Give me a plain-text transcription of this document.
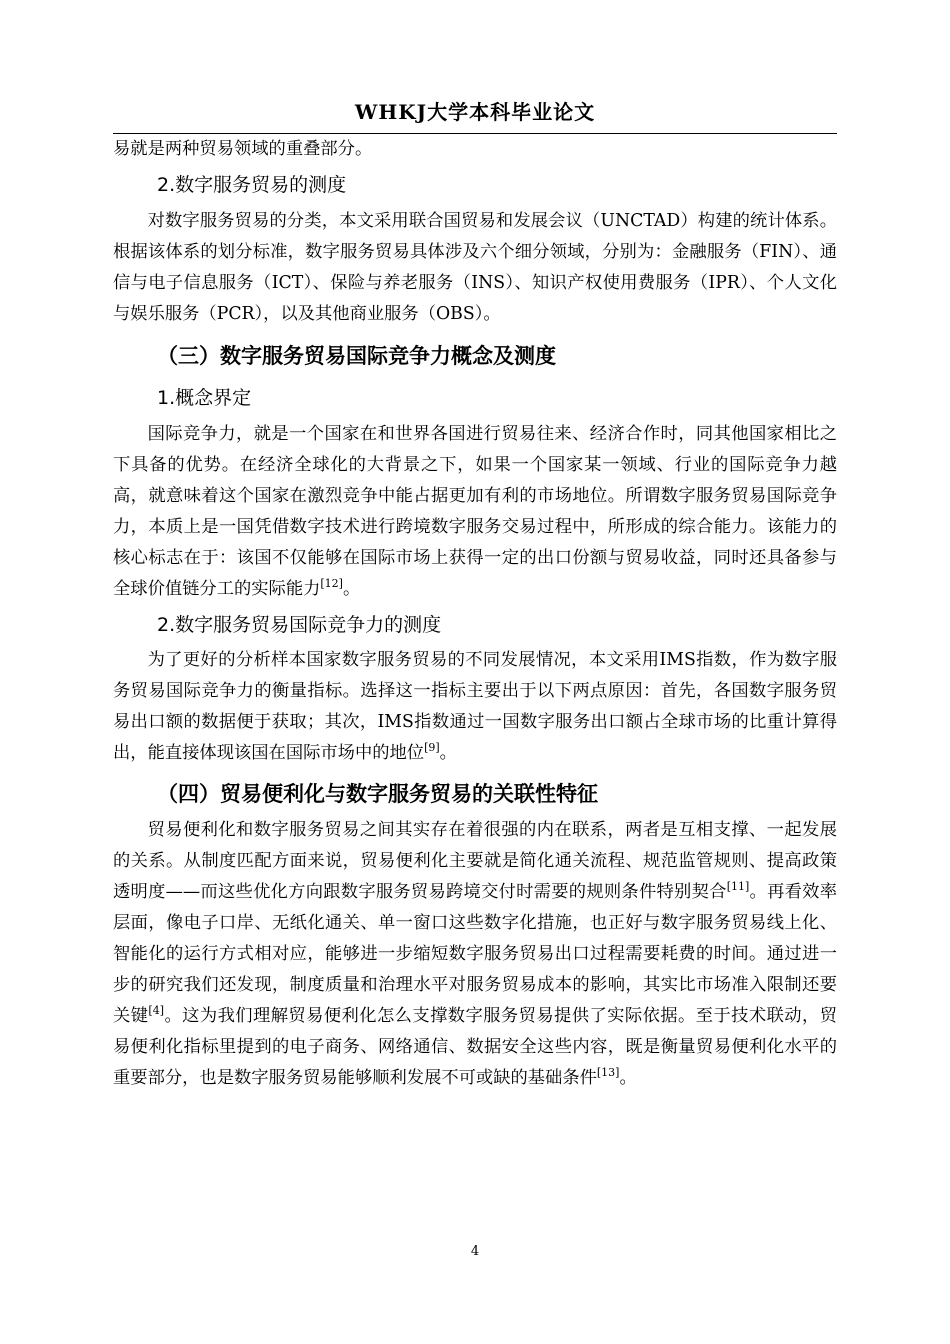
WHKJ大学本科毕业论文

易就是两种贸易领域的重叠部分。

2.数字服务贸易的测度

对数字服务贸易的分类，本文采用联合国贸易和发展会议（UNCTAD）构建的统计体系。根据该体系的划分标准，数字服务贸易具体涉及六个细分领域，分别为：金融服务（FIN）、通信与电子信息服务（ICT）、保险与养老服务（INS）、知识产权使用费服务（IPR）、个人文化与娱乐服务（PCR），以及其他商业服务（OBS）。

（三）数字服务贸易国际竞争力概念及测度
1.概念界定

国际竞争力，就是一个国家在和世界各国进行贸易往来、经济合作时，同其他国家相比之下具备的优势。在经济全球化的大背景之下，如果一个国家某一领域、行业的国际竞争力越高，就意味着这个国家在激烈竞争中能占据更加有利的市场地位。所谓数字服务贸易国际竞争力，本质上是一国凭借数字技术进行跨境数字服务交易过程中，所形成的综合能力。该能力的核心标志在于：该国不仅能够在国际市场上获得一定的出口份额与贸易收益，同时还具备参与全球价值链分工的实际能力[12]。

2.数字服务贸易国际竞争力的测度

为了更好的分析样本国家数字服务贸易的不同发展情况，本文采用IMS指数，作为数字服务贸易国际竞争力的衡量指标。选择这一指标主要出于以下两点原因：首先，各国数字服务贸易出口额的数据便于获取；其次，IMS指数通过一国数字服务出口额占全球市场的比重计算得出，能直接体现该国在国际市场中的地位[9]。

（四）贸易便利化与数字服务贸易的关联性特征

贸易便利化和数字服务贸易之间其实存在着很强的内在联系，两者是互相支撑、一起发展的关系。从制度匹配方面来说，贸易便利化主要就是简化通关流程、规范监管规则、提高政策透明度——而这些优化方向跟数字服务贸易跨境交付时需要的规则条件特别契合[11]。再看效率层面，像电子口岸、无纸化通关、单一窗口这些数字化措施，也正好与数字服务贸易线上化、智能化的运行方式相对应，能够进一步缩短数字服务贸易出口过程需要耗费的时间。通过进一步的研究我们还发现，制度质量和治理水平对服务贸易成本的影响，其实比市场准入限制还要关键[4]。这为我们理解贸易便利化怎么支撑数字服务贸易提供了实际依据。至于技术联动，贸易便利化指标里提到的电子商务、网络通信、数据安全这些内容，既是衡量贸易便利化水平的重要部分，也是数字服务贸易能够顺利发展不可或缺的基础条件[13]。

4
